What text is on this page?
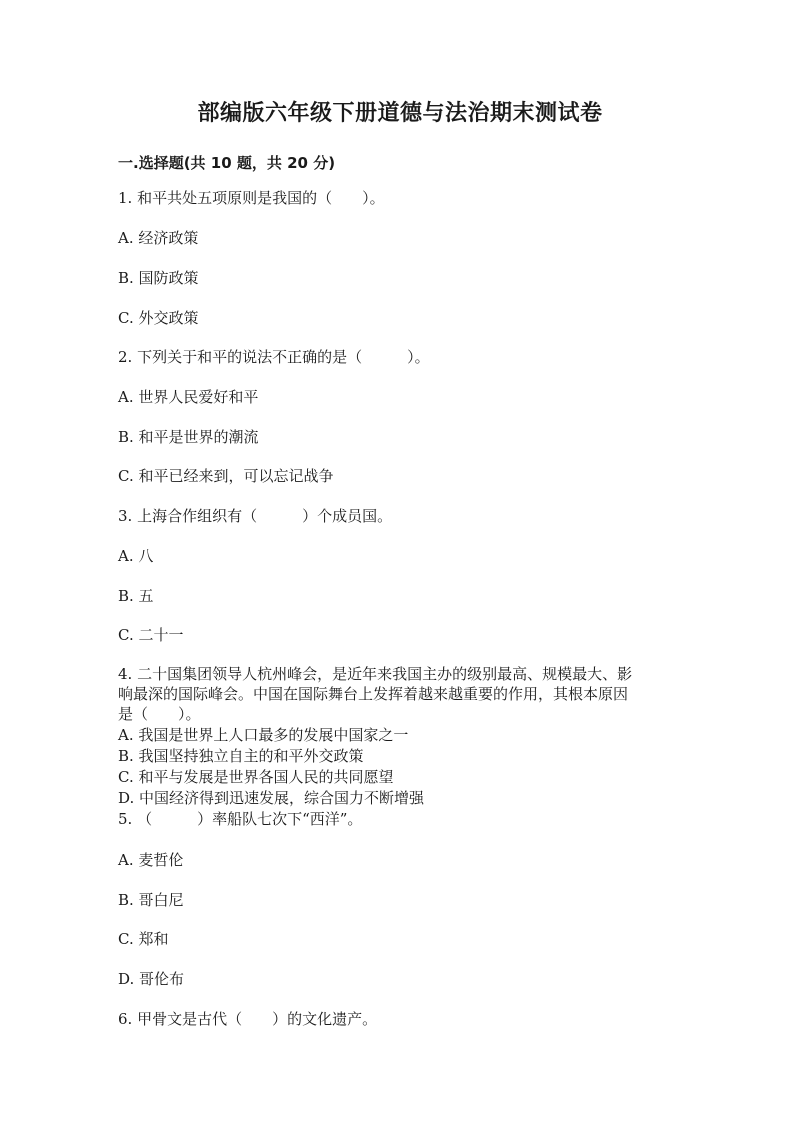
部编版六年级下册道德与法治期末测试卷
一.选择题(共 10 题，共 20 分)
1. 和平共处五项原则是我国的（　　）。
A. 经济政策
B. 国防政策
C. 外交政策
2. 下列关于和平的说法不正确的是（　　　）。
A. 世界人民爱好和平
B. 和平是世界的潮流
C. 和平已经来到，可以忘记战争
3. 上海合作组织有（　　　）个成员国。
A. 八
B. 五
C. 二十一
4. 二十国集团领导人杭州峰会，是近年来我国主办的级别最高、规模最大、影
响最深的国际峰会。中国在国际舞台上发挥着越来越重要的作用，其根本原因
是（　　）。
A. 我国是世界上人口最多的发展中国家之一
B. 我国坚持独立自主的和平外交政策
C. 和平与发展是世界各国人民的共同愿望
D. 中国经济得到迅速发展，综合国力不断增强
5. （　　　）率船队七次下“西洋”。
A. 麦哲伦
B. 哥白尼
C. 郑和
D. 哥伦布
6. 甲骨文是古代（　　）的文化遗产。
